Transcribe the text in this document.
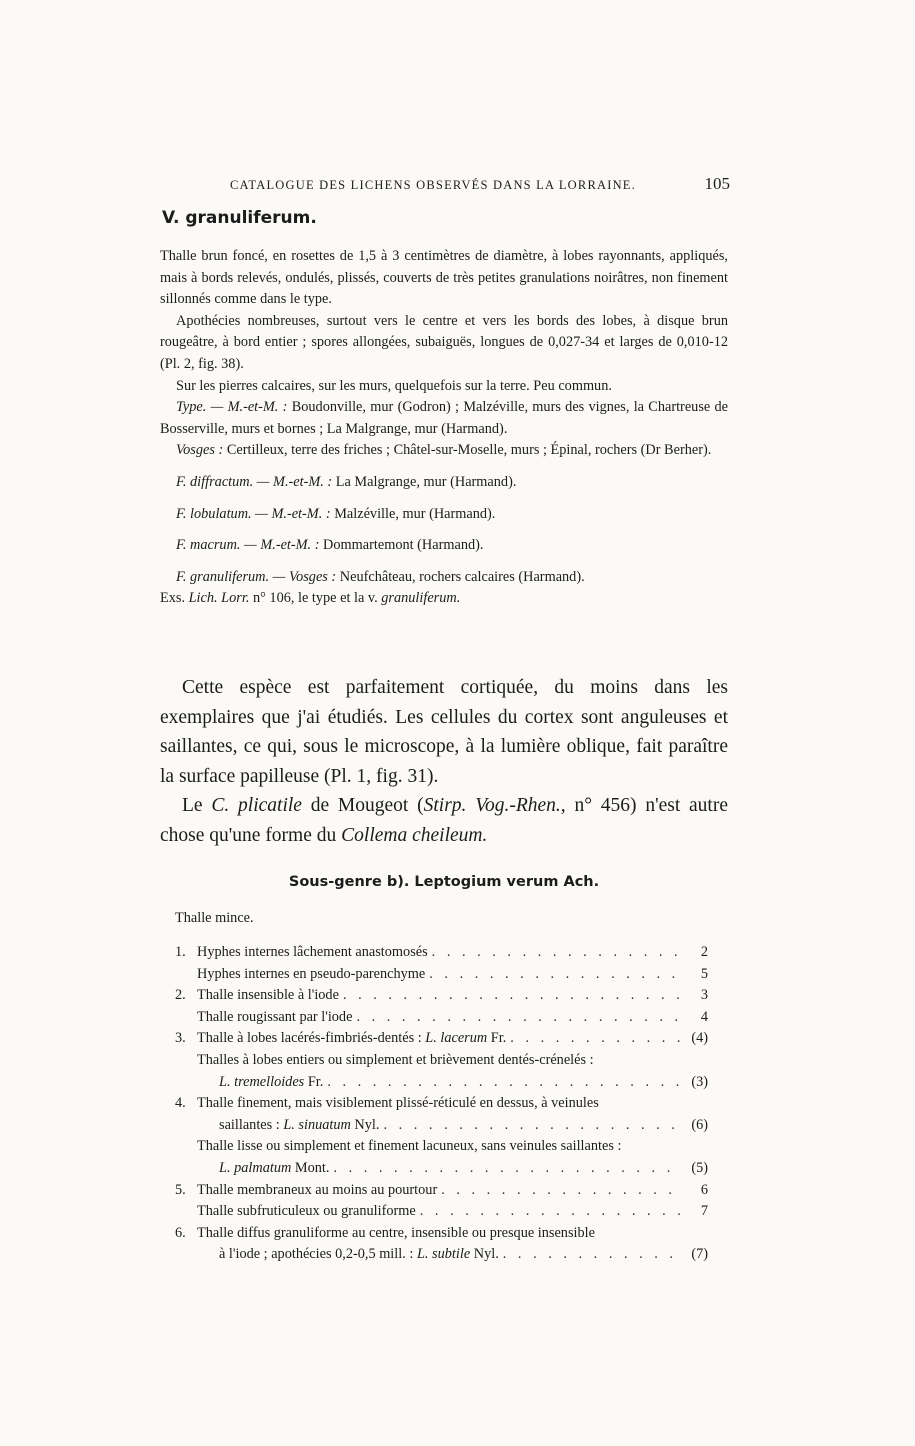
CATALOGUE DES LICHENS OBSERVÉS DANS LA LORRAINE.	105
V. granuliferum.

Thalle brun foncé, en rosettes de 1,5 à 3 centimètres de diamètre, à lobes rayonnants, appliqués, mais à bords relevés, ondulés, plissés, couverts de très petites granulations noirâtres, non finement sillonnés comme dans le type.

Apothécies nombreuses, surtout vers le centre et vers les bords des lobes, à disque brun rougeâtre, à bord entier ; spores allongées, subaiguës, longues de 0,027-34 et larges de 0,010-12 (Pl. 2, fig. 38).

Sur les pierres calcaires, sur les murs, quelquefois sur la terre. Peu commun.

Type. — M.-et-M. : Boudonville, mur (Godron) ; Malzéville, murs des vignes, la Chartreuse de Bosserville, murs et bornes ; La Malgrange, mur (Harmand).

Vosges : Certilleux, terre des friches ; Châtel-sur-Moselle, murs ; Épinal, rochers (Dr Berher).

F. diffractum. — M.-et-M. : La Malgrange, mur (Harmand).

F. lobulatum. — M.-et-M. : Malzéville, mur (Harmand).

F. macrum. — M.-et-M. : Dommartemont (Harmand).

F. granuliferum. — Vosges : Neufchâteau, rochers calcaires (Harmand).

Exs. Lich. Lorr. n° 106, le type et la v. granuliferum.

Cette espèce est parfaitement cortiquée, du moins dans les exemplaires que j'ai étudiés. Les cellules du cortex sont anguleuses et saillantes, ce qui, sous le microscope, à la lumière oblique, fait paraître la surface papilleuse (Pl. 1, fig. 31).

Le C. plicatile de Mougeot (Stirp. Vog.-Rhen., n° 456) n'est autre chose qu'une forme du Collema cheileum.

Sous-genre b). Leptogium verum Ach.
Thalle mince.
1. Hyphes internes lâchement anastomosés . . .	2
Hyphes internes en pseudo-parenchyme . . .	5
2. Thalle insensible à l'iode . . .	3
Thalle rougissant par l'iode . . .	4
3. Thalle à lobes lacérés-fimbriés-dentés : L. lacerum Fr. . . .	(4)
Thalles à lobes entiers ou simplement et brièvement dentés-crénelés :
L. tremelloides Fr. . . .	(3)
4. Thalle finement, mais visiblement plissé-réticulé en dessus, à veinules
saillantes : L. sinuatum Nyl. . . .	(6)
Thalle lisse ou simplement et finement lacuneux, sans veinules saillantes :
L. palmatum Mont. . . .	(5)
5. Thalle membraneux au moins au pourtour . . .	6
Thalle subfruticuleux ou granuliforme . . .	7
6. Thalle diffus granuliforme au centre, insensible ou presque insensible
à l'iode ; apothécies 0,2-0,5 mill. : L. subtile Nyl. . . .	(7)
